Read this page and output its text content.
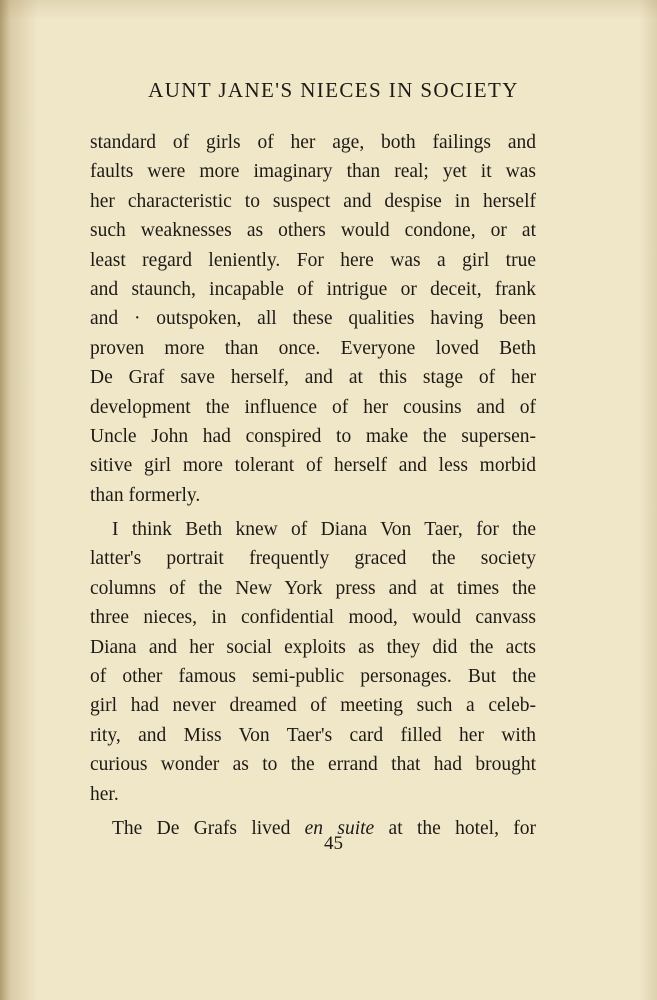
AUNT JANE'S NIECES IN SOCIETY
standard of girls of her age, both failings and
faults were more imaginary than real; yet it was
her characteristic to suspect and despise in herself
such weaknesses as others would condone, or at
least regard leniently. For here was a girl true
and staunch, incapable of intrigue or deceit, frank
and · outspoken, all these qualities having been
proven more than once. Everyone loved Beth
De Graf save herself, and at this stage of her
development the influence of her cousins and of
Uncle John had conspired to make the supersen-
sitive girl more tolerant of herself and less morbid
than formerly.
I think Beth knew of Diana Von Taer, for the
latter's portrait frequently graced the society
columns of the New York press and at times the
three nieces, in confidential mood, would canvass
Diana and her social exploits as they did the acts
of other famous semi-public personages. But the
girl had never dreamed of meeting such a celeb-
rity, and Miss Von Taer's card filled her with
curious wonder as to the errand that had brought
her.
The De Grafs lived en suite at the hotel, for
45
